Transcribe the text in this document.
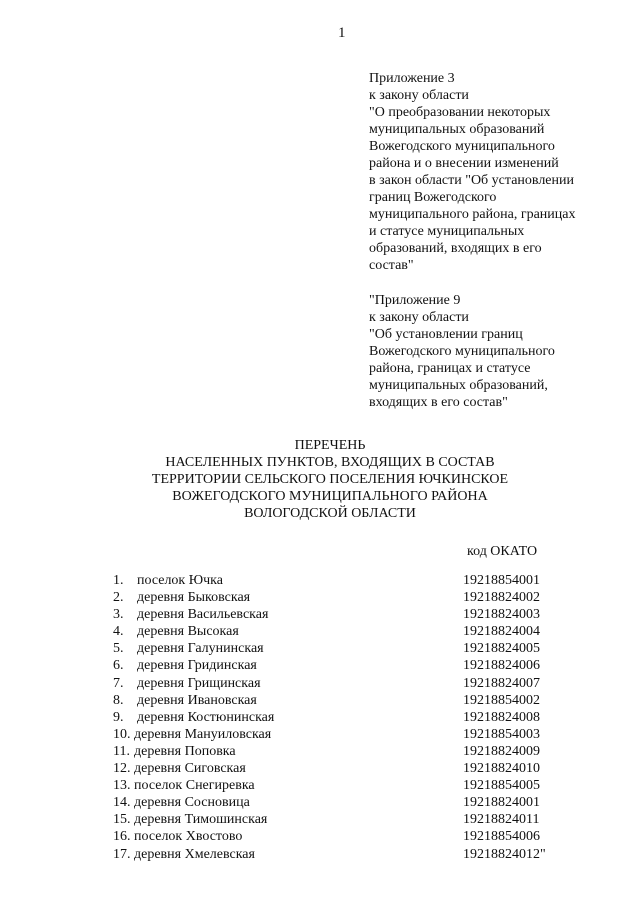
1
Приложение 3
к закону области
"О преобразовании некоторых
муниципальных образований
Вожегодского муниципального
района и о внесении изменений
в закон области "Об установлении
границ Вожегодского
муниципального района, границах
и статусе муниципальных
образований, входящих в его
состав"
"Приложение 9
к закону области
"Об установлении границ
Вожегодского муниципального
района, границах и статусе
муниципальных образований,
входящих в его состав"
ПЕРЕЧЕНЬ
НАСЕЛЕННЫХ ПУНКТОВ, ВХОДЯЩИХ В СОСТАВ
ТЕРРИТОРИИ СЕЛЬСКОГО ПОСЕЛЕНИЯ ЮЧКИНСКОЕ
ВОЖЕГОДСКОГО МУНИЦИПАЛЬНОГО РАЙОНА
ВОЛОГОДСКОЙ ОБЛАСТИ
код ОКАТО
1. поселок Ючка	19218854001
2. деревня Быковская	19218824002
3. деревня Васильевская	19218824003
4. деревня Высокая	19218824004
5. деревня Галунинская	19218824005
6. деревня Гридинская	19218824006
7. деревня Грищинская	19218824007
8. деревня Ивановская	19218854002
9. деревня Костюнинская	19218824008
10. деревня Мануиловская	19218854003
11. деревня Поповка	19218824009
12. деревня Сиговская	19218824010
13. поселок Снегиревка	19218854005
14. деревня Сосновица	19218824001
15. деревня Тимошинская	19218824011
16. поселок Хвостово	19218854006
17. деревня Хмелевская	19218824012"
